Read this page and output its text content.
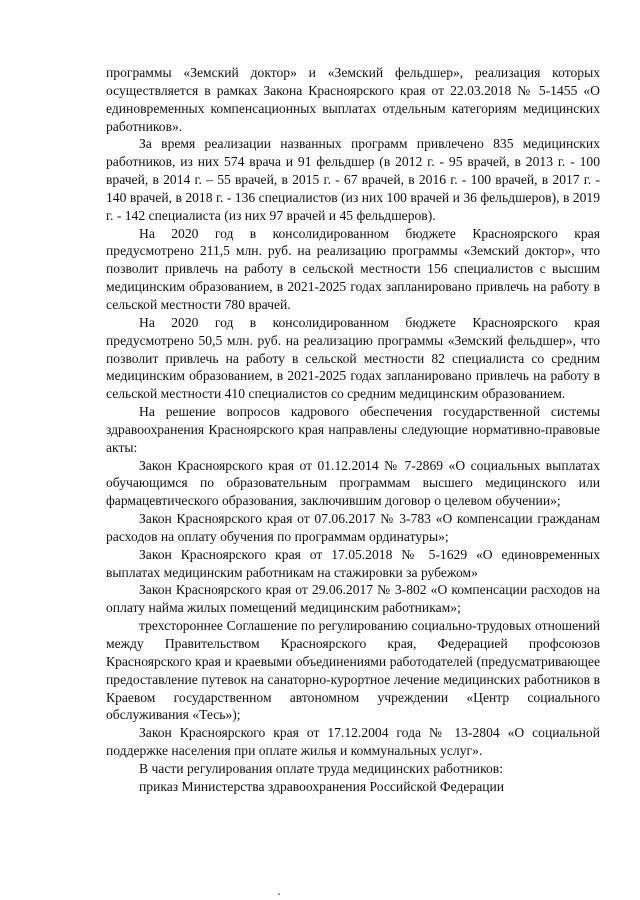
программы «Земский доктор» и «Земский фельдшер», реализация которых осуществляется в рамках Закона Красноярского края от 22.03.2018 № 5-1455 «О единовременных компенсационных выплатах отдельным категориям медицинских работников».

За время реализации названных программ привлечено 835 медицинских работников, из них 574 врача и 91 фельдшер (в 2012 г. - 95 врачей, в 2013 г. - 100 врачей, в 2014 г. – 55 врачей, в 2015 г. - 67 врачей, в 2016 г. - 100 врачей, в 2017 г. - 140 врачей, в 2018 г. - 136 специалистов (из них 100 врачей и 36 фельдшеров), в 2019 г. - 142 специалиста (из них 97 врачей и 45 фельдшеров).

На 2020 год в консолидированном бюджете Красноярского края предусмотрено 211,5 млн. руб. на реализацию программы «Земский доктор», что позволит привлечь на работу в сельской местности 156 специалистов с высшим медицинским образованием, в 2021-2025 годах запланировано привлечь на работу в сельской местности 780 врачей.

На 2020 год в консолидированном бюджете Красноярского края предусмотрено 50,5 млн. руб. на реализацию программы «Земский фельдшер», что позволит привлечь на работу в сельской местности 82 специалиста со средним медицинским образованием, в 2021-2025 годах запланировано привлечь на работу в сельской местности 410 специалистов со средним медицинским образованием.

На решение вопросов кадрового обеспечения государственной системы здравоохранения Красноярского края направлены следующие нормативно-правовые акты:

Закон Красноярского края от 01.12.2014 № 7-2869 «О социальных выплатах обучающимся по образовательным программам высшего медицинского или фармацевтического образования, заключившим договор о целевом обучении»;

Закон Красноярского края от 07.06.2017 № 3-783 «О компенсации гражданам расходов на оплату обучения по программам ординатуры»;

Закон Красноярского края от 17.05.2018 № 5-1629 «О единовременных выплатах медицинским работникам на стажировки за рубежом»

Закон Красноярского края от 29.06.2017 № 3-802 «О компенсации расходов на оплату найма жилых помещений медицинским работникам»;

трехстороннее Соглашение по регулированию социально-трудовых отношений между Правительством Красноярского края, Федерацией профсоюзов Красноярского края и краевыми объединениями работодателей (предусматривающее предоставление путевок на санаторно-курортное лечение медицинских работников в Краевом государственном автономном учреждении «Центр социального обслуживания «Тесь»);

Закон Красноярского края от 17.12.2004 года № 13-2804 «О социальной поддержке населения при оплате жилья и коммунальных услуг».

В части регулирования оплате труда медицинских работников:

приказ Министерства здравоохранения Российской Федерации
